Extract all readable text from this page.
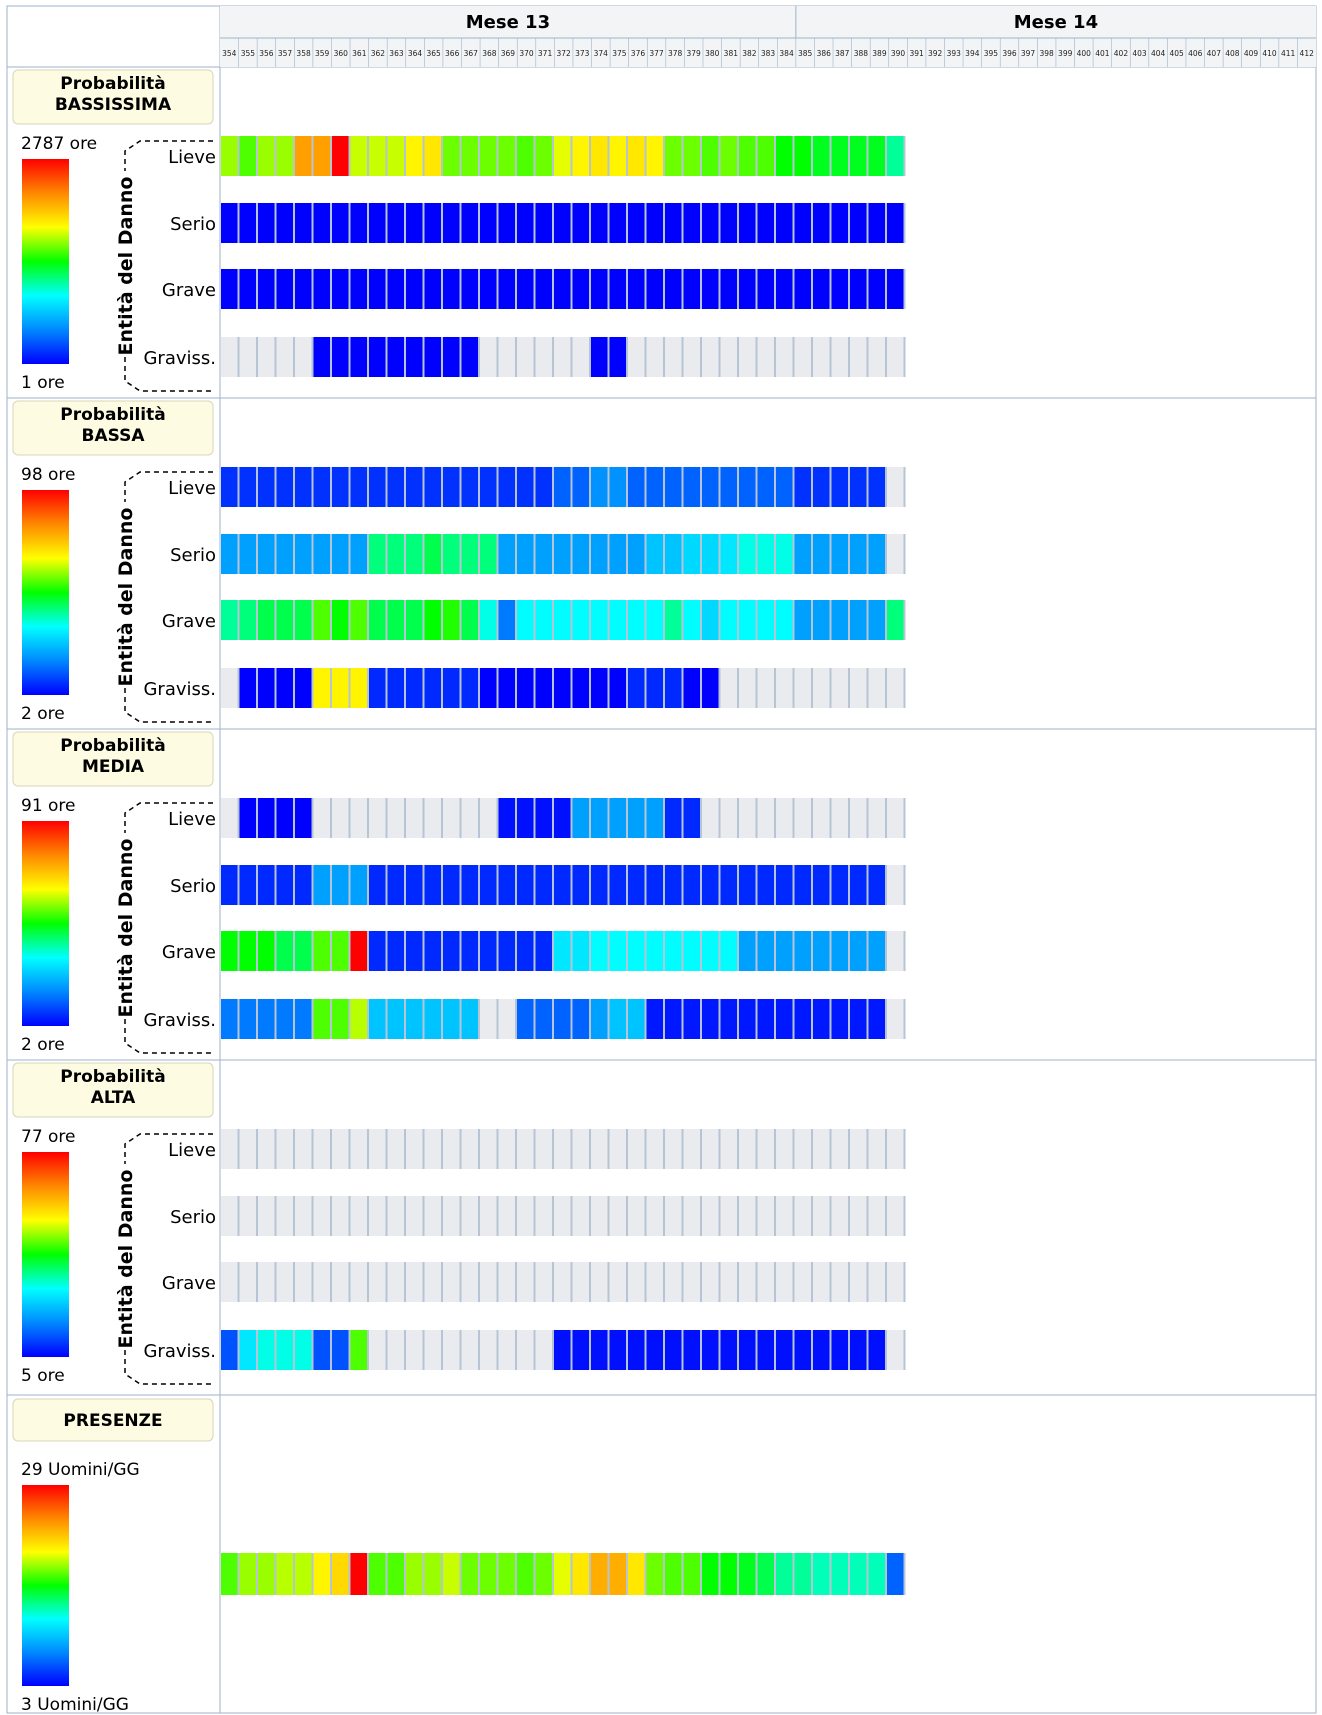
Mese 13	Mese 14
354 355 356 357 358 359 360 361 362 363 364 365 366 367 368 369 370 371 372 373 374 375 376 377 378 379 380 381 382 383 384 385 386 387 388 389 390 391 392 393 394 395 396 397 398 399 400 401 402 403 404 405 406 407 408 409 410 411 412
Probabilità
BASSISSIMA
2787 ore
1 ore
Entità del Danno
Lieve
Serio
Grave
Graviss.
Probabilità
BASSA
98 ore
2 ore
Entità del Danno
Lieve
Serio
Grave
Graviss.
Probabilità
MEDIA
91 ore
2 ore
Entità del Danno
Lieve
Serio
Grave
Graviss.
Probabilità
ALTA
77 ore
5 ore
Entità del Danno
Lieve
Serio
Grave
Graviss.
PRESENZE
29 Uomini/GG
3 Uomini/GG
